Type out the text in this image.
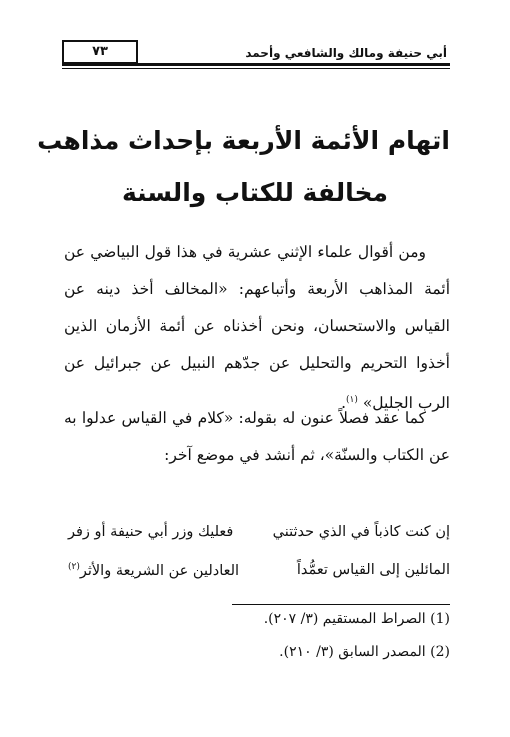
أبي حنيفة ومالك والشافعي وأحمد
٧٣
اتهام الأئمة الأربعة بإحداث مذاهب
مخالفة للكتاب والسنة
ومن أقوال علماء الإثني عشرية في هذا قول البياضي عن أئمة المذاهب الأربعة وأتباعهم: «المخالف أخذ دينه عن القياس والاستحسان، ونحن أخذناه عن أئمة الأزمان الذين أخذوا التحريم والتحليل عن جدّهم النبيل عن جبرائيل عن الرب الجليل» $^{(١)}$.
كما عقد فصلاً عنون له بقوله: «كلام في القياس عدلوا به عن الكتاب والسنّة»، ثم أنشد في موضع آخر:
إن كنت كاذباً في الذي حدثتني
فعليك وزر أبي حنيفة أو زفر
المائلين إلى القياس تعمُّداً
العادلين عن الشريعة والأثر$^{(٢)}$
(1) الصراط المستقيم (٣/ ٢٠٧).
(2) المصدر السابق (٣/ ٢١٠).
